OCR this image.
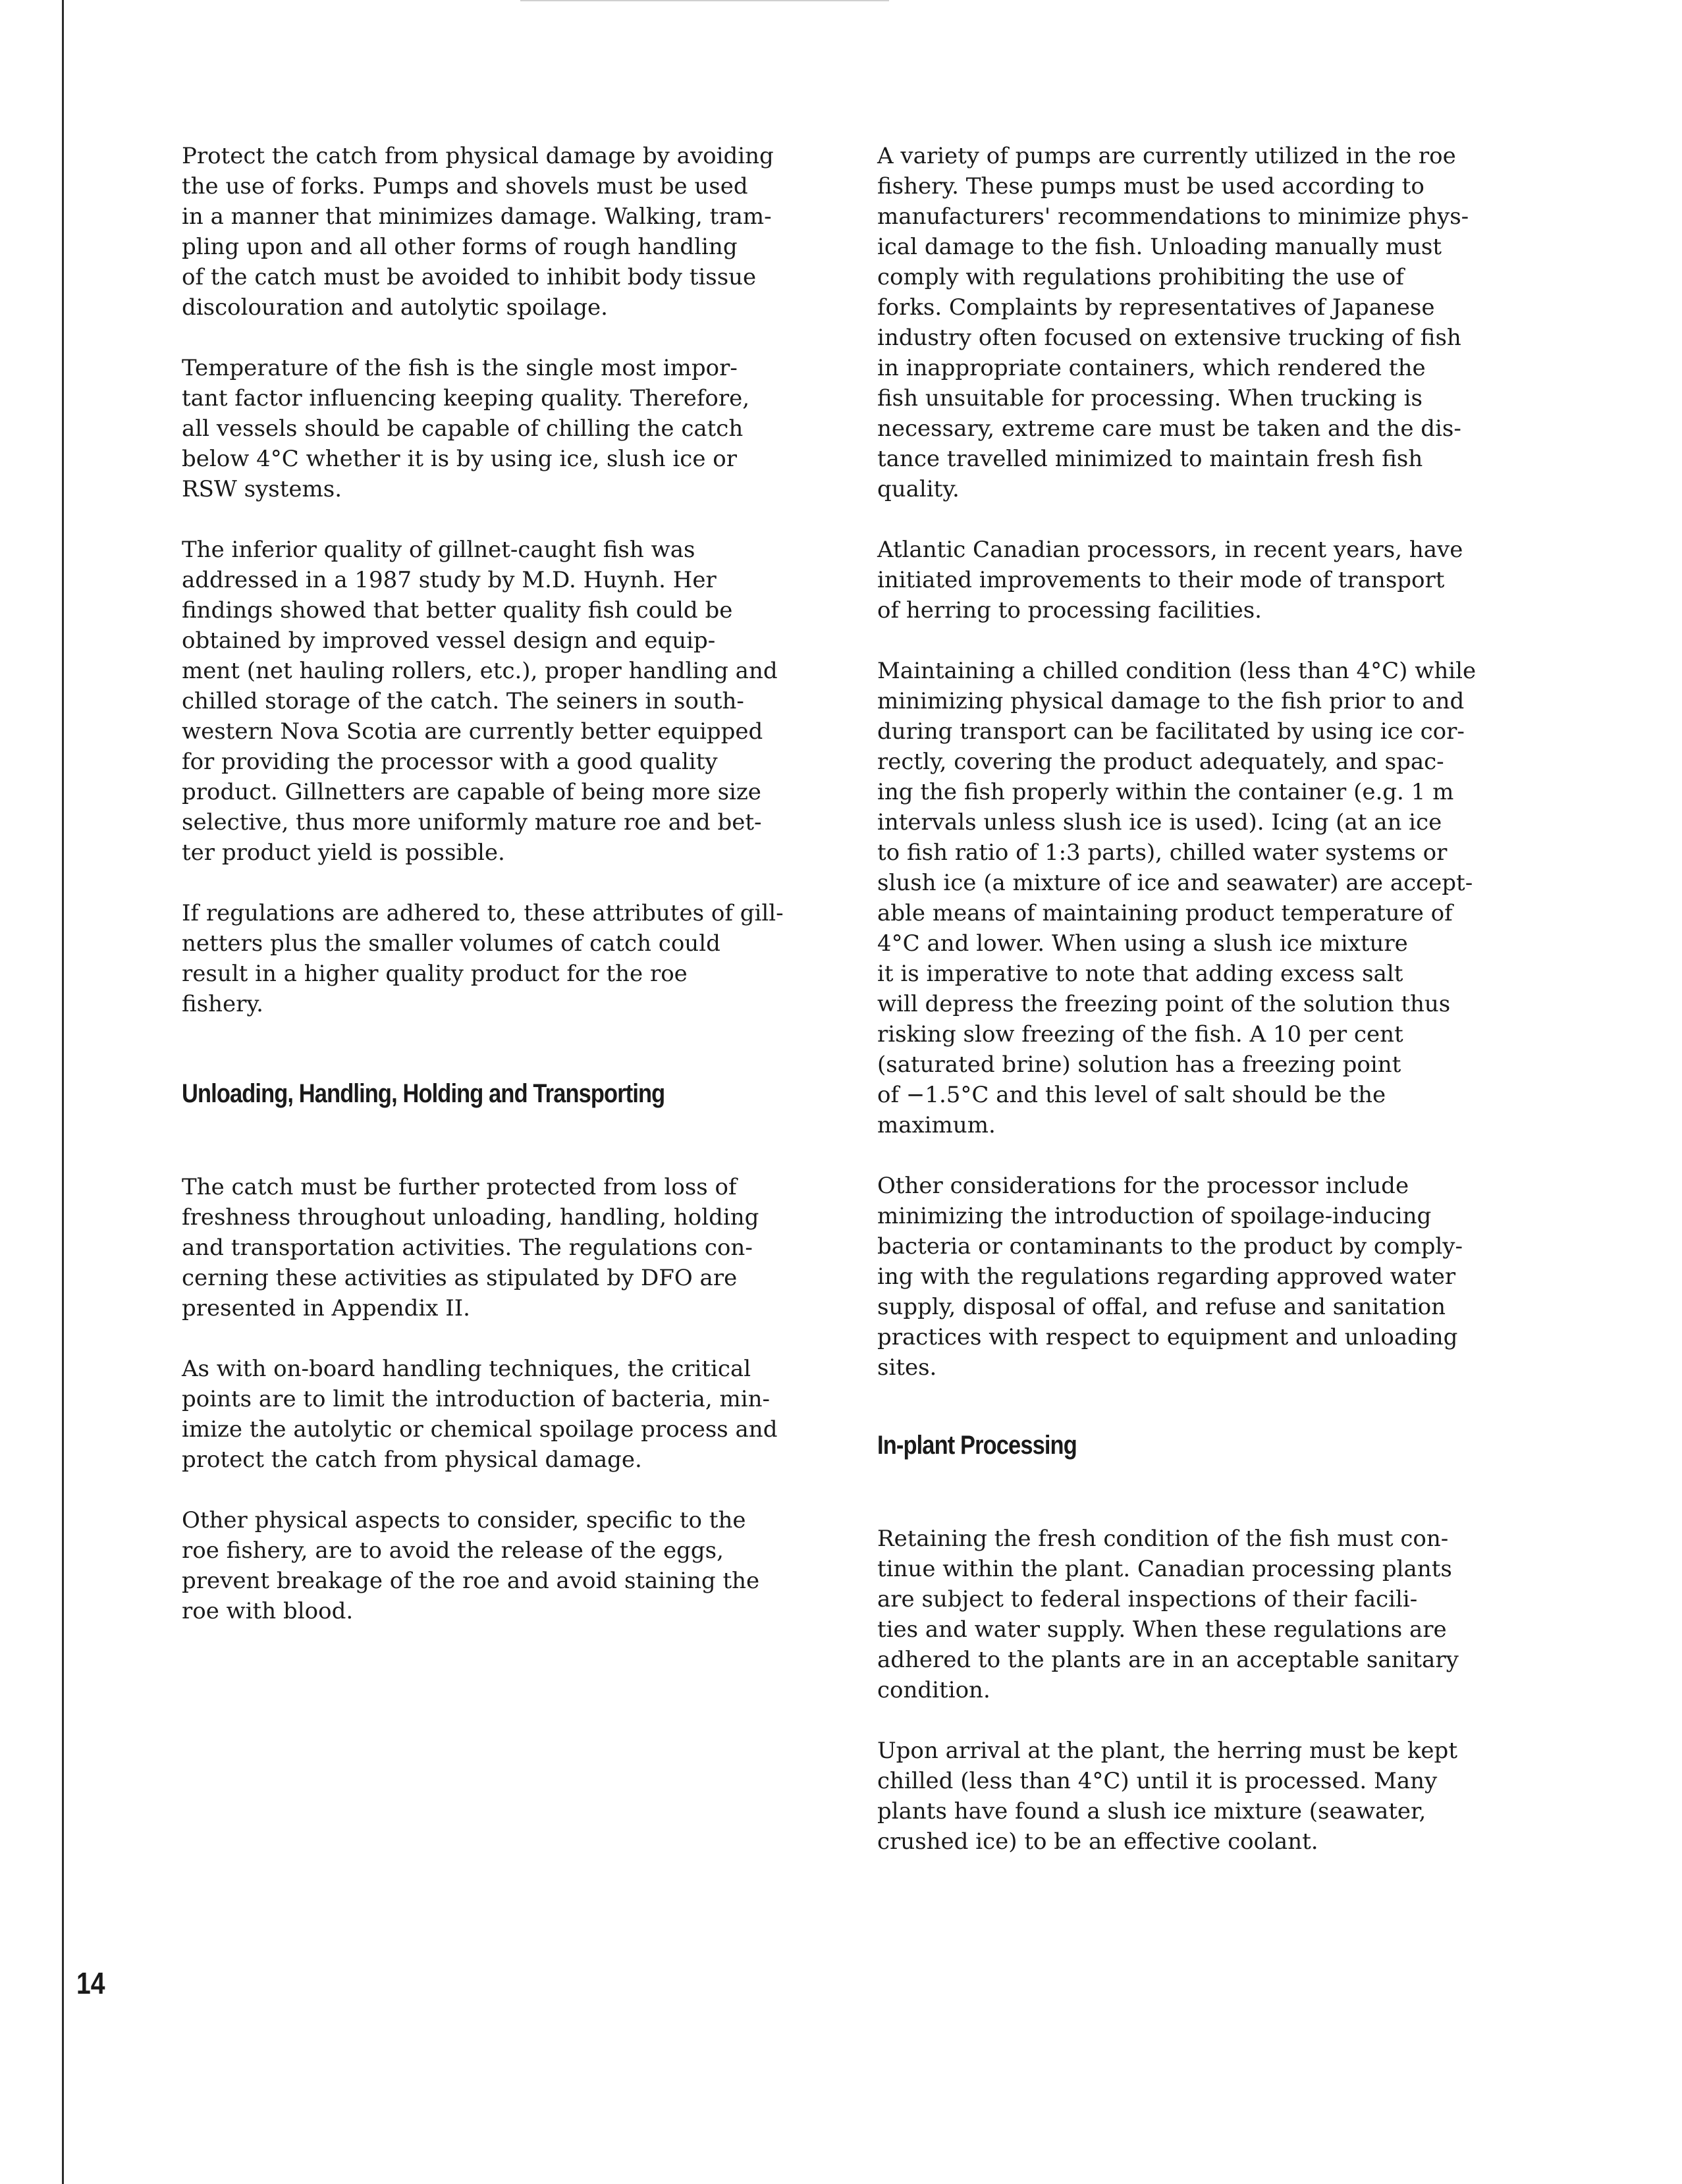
Protect the catch from physical damage by avoiding
the use of forks. Pumps and shovels must be used
in a manner that minimizes damage. Walking, tram-
pling upon and all other forms of rough handling
of the catch must be avoided to inhibit body tissue
discolouration and autolytic spoilage.

Temperature of the fish is the single most impor-
tant factor influencing keeping quality. Therefore,
all vessels should be capable of chilling the catch
below 4°C whether it is by using ice, slush ice or
RSW systems.

The inferior quality of gillnet-caught fish was
addressed in a 1987 study by M.D. Huynh. Her
findings showed that better quality fish could be
obtained by improved vessel design and equip-
ment (net hauling rollers, etc.), proper handling and
chilled storage of the catch. The seiners in south-
western Nova Scotia are currently better equipped
for providing the processor with a good quality
product. Gillnetters are capable of being more size
selective, thus more uniformly mature roe and bet-
ter product yield is possible.

If regulations are adhered to, these attributes of gill-
netters plus the smaller volumes of catch could
result in a higher quality product for the roe
fishery.

Unloading, Handling, Holding and Transporting

The catch must be further protected from loss of
freshness throughout unloading, handling, holding
and transportation activities. The regulations con-
cerning these activities as stipulated by DFO are
presented in Appendix II.

As with on-board handling techniques, the critical
points are to limit the introduction of bacteria, min-
imize the autolytic or chemical spoilage process and
protect the catch from physical damage.

Other physical aspects to consider, specific to the
roe fishery, are to avoid the release of the eggs,
prevent breakage of the roe and avoid staining the
roe with blood.

A variety of pumps are currently utilized in the roe
fishery. These pumps must be used according to
manufacturers' recommendations to minimize phys-
ical damage to the fish. Unloading manually must
comply with regulations prohibiting the use of
forks. Complaints by representatives of Japanese
industry often focused on extensive trucking of fish
in inappropriate containers, which rendered the
fish unsuitable for processing. When trucking is
necessary, extreme care must be taken and the dis-
tance travelled minimized to maintain fresh fish
quality.

Atlantic Canadian processors, in recent years, have
initiated improvements to their mode of transport
of herring to processing facilities.

Maintaining a chilled condition (less than 4°C) while
minimizing physical damage to the fish prior to and
during transport can be facilitated by using ice cor-
rectly, covering the product adequately, and spac-
ing the fish properly within the container (e.g. 1 m
intervals unless slush ice is used). Icing (at an ice
to fish ratio of 1:3 parts), chilled water systems or
slush ice (a mixture of ice and seawater) are accept-
able means of maintaining product temperature of
4°C and lower. When using a slush ice mixture
it is imperative to note that adding excess salt
will depress the freezing point of the solution thus
risking slow freezing of the fish. A 10 per cent
(saturated brine) solution has a freezing point
of −1.5°C and this level of salt should be the
maximum.

Other considerations for the processor include
minimizing the introduction of spoilage-inducing
bacteria or contaminants to the product by comply-
ing with the regulations regarding approved water
supply, disposal of offal, and refuse and sanitation
practices with respect to equipment and unloading
sites.

In-plant Processing

Retaining the fresh condition of the fish must con-
tinue within the plant. Canadian processing plants
are subject to federal inspections of their facili-
ties and water supply. When these regulations are
adhered to the plants are in an acceptable sanitary
condition.

Upon arrival at the plant, the herring must be kept
chilled (less than 4°C) until it is processed. Many
plants have found a slush ice mixture (seawater,
crushed ice) to be an effective coolant.

14
